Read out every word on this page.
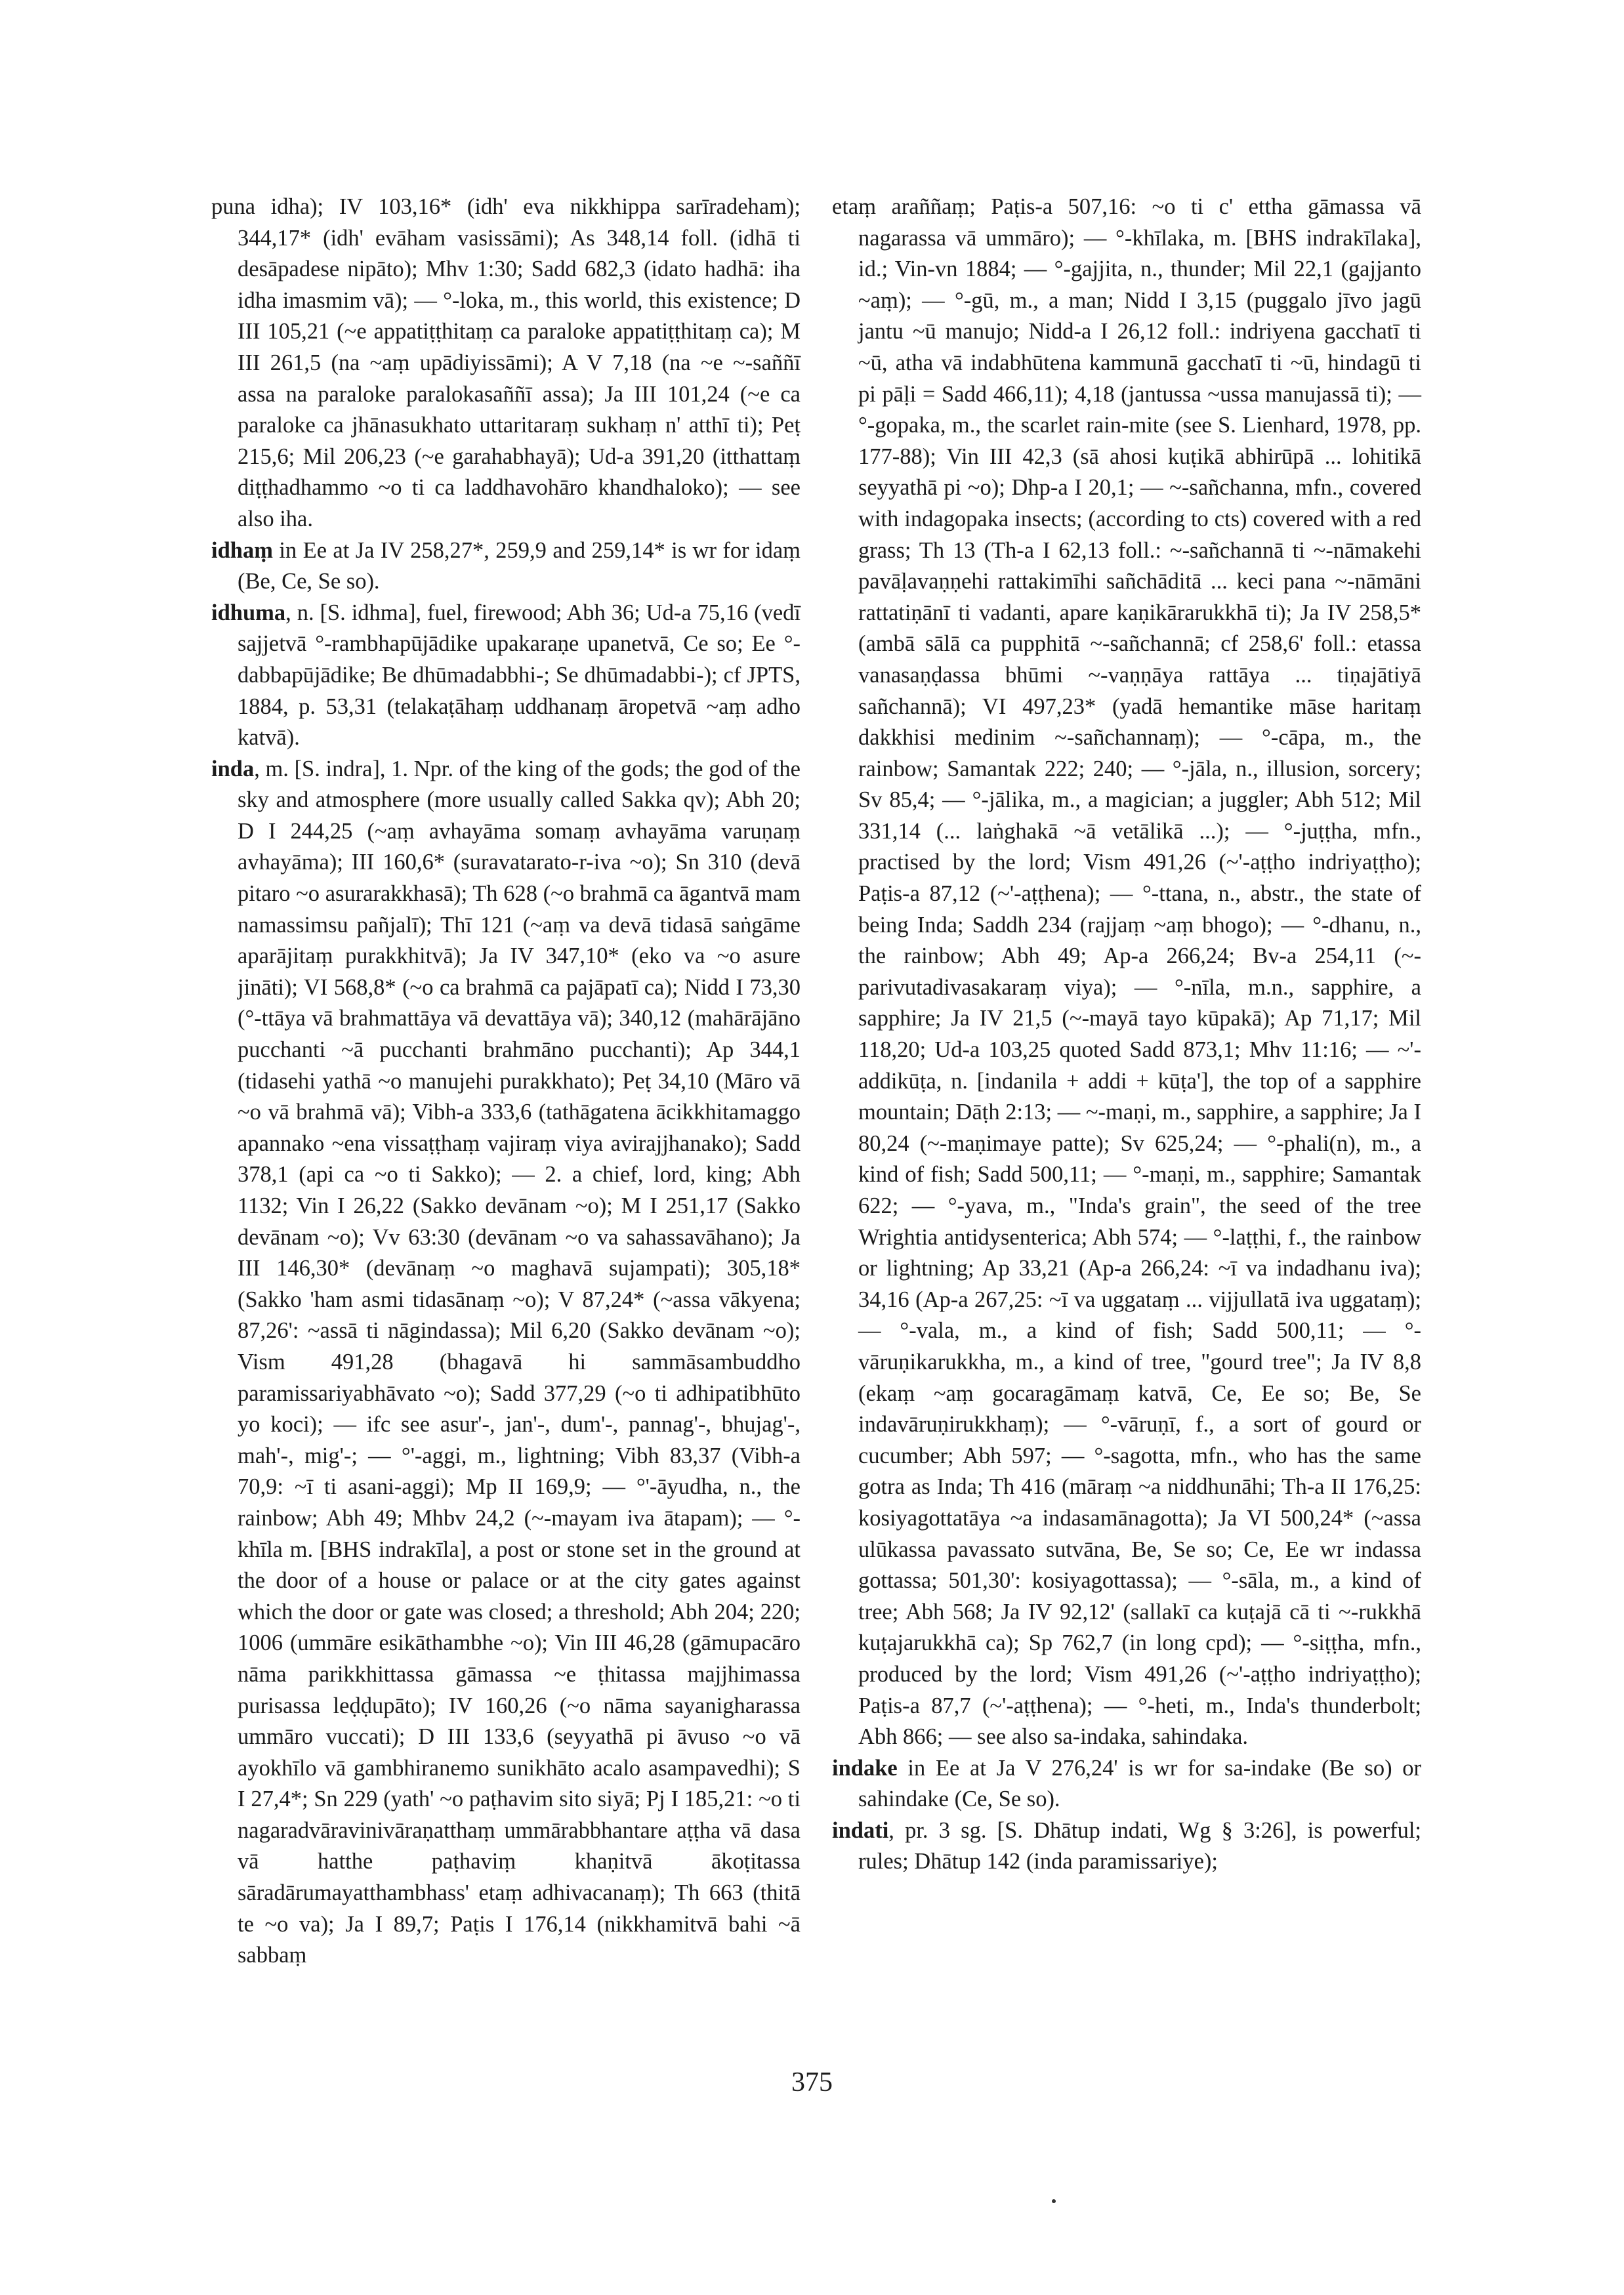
puna idha); IV 103,16* (idh' eva nikkhippa sarīradeham); 344,17* (idh' evāham vasissāmi); As 348,14 foll. (idhā ti desāpadese nipāto); Mhv 1:30; Sadd 682,3 (idato hadhā: iha idha imasmim vā); — °-loka, m., this world, this existence; D III 105,21 (~e appatiṭṭhitaṃ ca paraloke appatiṭṭhitaṃ ca); M III 261,5 (na ~aṃ upādiyissāmi); A V 7,18 (na ~e ~-saññī assa na paraloke paralokasaññī assa); Ja III 101,24 (~e ca paraloke ca jhānasukhato uttaritaraṃ sukhaṃ n' atthī ti); Peṭ 215,6; Mil 206,23 (~e garahabhayā); Ud-a 391,20 (itthattaṃ diṭṭhadhammo ~o ti ca laddhavohāro khandhaloko); — see also iha.

idhaṃ in Ee at Ja IV 258,27*, 259,9 and 259,14* is wr for idaṃ (Be, Ce, Se so).

idhuma, n. [S. idhma], fuel, firewood; Abh 36; Ud-a 75,16 (vedī sajjetvā °-rambhapūjādike upakaraṇe upanetvā, Ce so; Ee °-dabbapūjādike; Be dhūmadabbhi-; Se dhūmadabbi-); cf JPTS, 1884, p. 53,31 (telakaṭāhaṃ uddhanaṃ āropetvā ~aṃ adho katvā).

inda, m. [S. indra], 1. Npr. of the king of the gods; the god of the sky and atmosphere (more usually called Sakka qv); Abh 20; D I 244,25 (~aṃ avhayāma somaṃ avhayāma varuṇaṃ avhayāma); III 160,6* (suravatarato-r-iva ~o); Sn 310 (devā pitaro ~o asurarakkhasā); Th 628 (~o brahmā ca āgantvā mam namassimsu pañjalī); Thī 121 (~aṃ va devā tidasā saṅgāme aparājitaṃ purakkhitvā); Ja IV 347,10* (eko va ~o asure jināti); VI 568,8* (~o ca brahmā ca pajāpatī ca); Nidd I 73,30 (°-ttāya vā brahmattāya vā devattāya vā); 340,12 (mahārājāno pucchanti ~ā pucchanti brahmāno pucchanti); Ap 344,1 (tidasehi yathā ~o manujehi purakkhato); Peṭ 34,10 (Māro vā ~o vā brahmā vā); Vibh-a 333,6 (tathāgatena ācikkhitamaggo apannako ~ena vissaṭṭhaṃ vajiraṃ viya avirajjhanako); Sadd 378,1 (api ca ~o ti Sakko); — 2. a chief, lord, king; Abh 1132; Vin I 26,22 (Sakko devānam ~o); M I 251,17 (Sakko devānam ~o); Vv 63:30 (devānam ~o va sahassavāhano); Ja III 146,30* (devānaṃ ~o maghavā sujampati); 305,18* (Sakko 'ham asmi tidasānaṃ ~o); V 87,24* (~assa vākyena; 87,26': ~assā ti nāgindassa); Mil 6,20 (Sakko devānam ~o); Vism 491,28 (bhagavā hi sammāsambuddho paramissariyabhāvato ~o); Sadd 377,29 (~o ti adhipatibhūto yo koci); — ifc see asur'-, jan'-, dum'-, pannag'-, bhujag'-, mah'-, mig'-; — °'-aggi, m., lightning; Vibh 83,37 (Vibh-a 70,9: ~ī ti asani-aggi); Mp II 169,9; — °'-āyudha, n., the rainbow; Abh 49; Mhbv 24,2 (~-mayam iva ātapam); — °-khīla m. [BHS indrakīla], a post or stone set in the ground at the door of a house or palace or at the city gates against which the door or gate was closed; a threshold; Abh 204; 220; 1006 (ummāre esikāthambhe ~o); Vin III 46,28 (gāmupacāro nāma parikkhittassa gāmassa ~e ṭhitassa majjhimassa purisassa leḍḍupāto); IV 160,26 (~o nāma sayanigharassa ummāro vuccati); D III 133,6 (seyyathā pi āvuso ~o vā ayokhīlo vā gambhiranemo sunikhāto acalo asampavedhi); S I 27,4*; Sn 229 (yath' ~o paṭhavim sito siyā; Pj I 185,21: ~o ti nagaradvāravinivāraṇatthaṃ ummārabbhantare aṭṭha vā dasa vā hatthe paṭhaviṃ khaṇitvā ākoṭitassa sāradārumayatthambhass' etaṃ adhivacanaṃ); Th 663 (thitā te ~o va); Ja I 89,7; Paṭis I 176,14 (nikkhamitvā bahi ~ā sabbaṃ

etaṃ araññaṃ; Paṭis-a 507,16: ~o ti c' ettha gāmassa vā nagarassa vā ummāro); — °-khīlaka, m. [BHS indrakīlaka], id.; Vin-vn 1884; — °-gajjita, n., thunder; Mil 22,1 (gajjanto ~aṃ); — °-gū, m., a man; Nidd I 3,15 (puggalo jīvo jagū jantu ~ū manujo; Nidd-a I 26,12 foll.: indriyena gacchatī ti ~ū, atha vā indabhūtena kammunā gacchatī ti ~ū, hindagū ti pi pāḷi = Sadd 466,11); 4,18 (jantussa ~ussa manujassā ti); — °-gopaka, m., the scarlet rain-mite (see S. Lienhard, 1978, pp. 177-88); Vin III 42,3 (sā ahosi kuṭikā abhirūpā ... lohitikā seyyathā pi ~o); Dhp-a I 20,1; — ~-sañchanna, mfn., covered with indagopaka insects; (according to cts) covered with a red grass; Th 13 (Th-a I 62,13 foll.: ~-sañchannā ti ~-nāmakehi pavāḷavaṇṇehi rattakimīhi sañchāditā ... keci pana ~-nāmāni rattatiṇānī ti vadanti, apare kaṇikārarukkhā ti); Ja IV 258,5* (ambā sālā ca pupphitā ~-sañchannā; cf 258,6' foll.: etassa vanasaṇḍassa bhūmi ~-vaṇṇāya rattāya ... tiṇajātiyā sañchannā); VI 497,23* (yadā hemantike māse haritaṃ dakkhisi medinim ~-sañchannaṃ); — °-cāpa, m., the rainbow; Samantak 222; 240; — °-jāla, n., illusion, sorcery; Sv 85,4; — °-jālika, m., a magician; a juggler; Abh 512; Mil 331,14 (... laṅghakā ~ā vetālikā ...); — °-juṭṭha, mfn., practised by the lord; Vism 491,26 (~'-aṭṭho indriyaṭṭho); Paṭis-a 87,12 (~'-aṭṭhena); — °-ttana, n., abstr., the state of being Inda; Saddh 234 (rajjaṃ ~aṃ bhogo); — °-dhanu, n., the rainbow; Abh 49; Ap-a 266,24; Bv-a 254,11 (~-parivutadivasakaraṃ viya); — °-nīla, m.n., sapphire, a sapphire; Ja IV 21,5 (~-mayā tayo kūpakā); Ap 71,17; Mil 118,20; Ud-a 103,25 quoted Sadd 873,1; Mhv 11:16; — ~'-addikūṭa, n. [indanila + addi + kūṭa'], the top of a sapphire mountain; Dāṭh 2:13; — ~-maṇi, m., sapphire, a sapphire; Ja I 80,24 (~-maṇimaye patte); Sv 625,24; — °-phali(n), m., a kind of fish; Sadd 500,11; — °-maṇi, m., sapphire; Samantak 622; — °-yava, m., "Inda's grain", the seed of the tree Wrightia antidysenterica; Abh 574; — °-laṭṭhi, f., the rainbow or lightning; Ap 33,21 (Ap-a 266,24: ~ī va indadhanu iva); 34,16 (Ap-a 267,25: ~ī va uggataṃ ... vijjullatā iva uggataṃ); — °-vala, m., a kind of fish; Sadd 500,11; — °-vāruṇikarukkha, m., a kind of tree, "gourd tree"; Ja IV 8,8 (ekaṃ ~aṃ gocaragāmaṃ katvā, Ce, Ee so; Be, Se indavāruṇirukkhaṃ); — °-vāruṇī, f., a sort of gourd or cucumber; Abh 597; — °-sagotta, mfn., who has the same gotra as Inda; Th 416 (māraṃ ~a niddhunāhi; Th-a II 176,25: kosiyagottatāya ~a indasamānagotta); Ja VI 500,24* (~assa ulūkassa pavassato sutvāna, Be, Se so; Ce, Ee wr indassa gottassa; 501,30': kosiyagottassa); — °-sāla, m., a kind of tree; Abh 568; Ja IV 92,12' (sallakī ca kuṭajā cā ti ~-rukkhā kuṭajarukkhā ca); Sp 762,7 (in long cpd); — °-siṭṭha, mfn., produced by the lord; Vism 491,26 (~'-aṭṭho indriyaṭṭho); Paṭis-a 87,7 (~'-aṭṭhena); — °-heti, m., Inda's thunderbolt; Abh 866; — see also sa-indaka, sahindaka.

indake in Ee at Ja V 276,24' is wr for sa-indake (Be so) or sahindake (Ce, Se so).

indati, pr. 3 sg. [S. Dhātup indati, Wg § 3:26], is powerful; rules; Dhātup 142 (inda paramissariye);

375
